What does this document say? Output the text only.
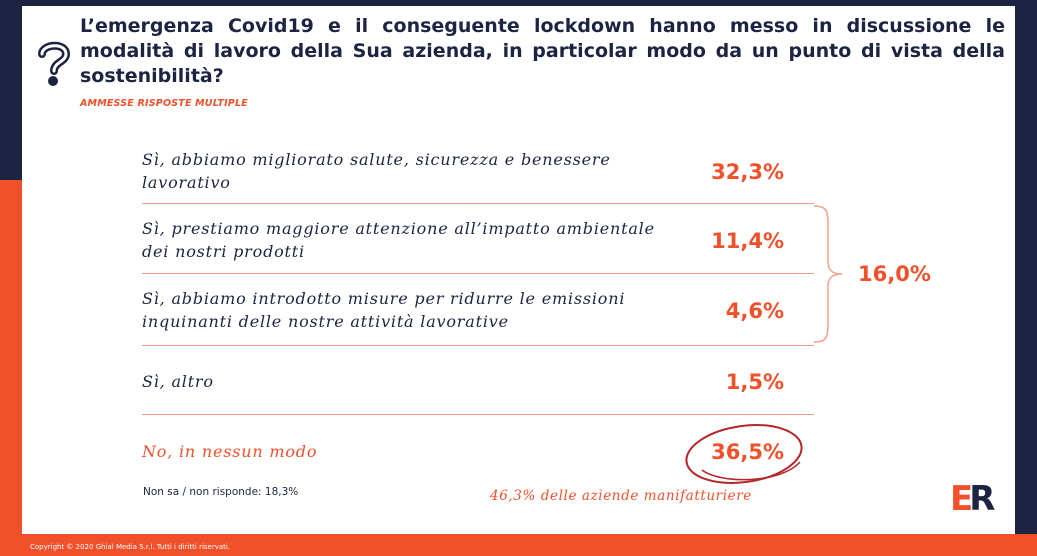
Copyright © 2020 Ghial Media S.r.l. Tutti i diritti riservati.
L’emergenza Covid19 e il conseguente lockdown hanno messo in discussione le modalità di lavoro della Sua azienda, in particolar modo da un punto di vista della sostenibilità?
AMMESSE RISPOSTE MULTIPLE
Sì, abbiamo migliorato salute, sicurezza e benessere lavorativo	32,3%
Sì, prestiamo maggiore attenzione all’impatto ambientale dei nostri prodotti	11,4%
Sì, abbiamo introdotto misure per ridurre le emissioni inquinanti delle nostre attività lavorative	4,6%
Sì, altro	1,5%
No, in nessun modo	36,5%
16,0%
Non sa / non risponde: 18,3%	46,3% delle aziende manifatturiere	ER
